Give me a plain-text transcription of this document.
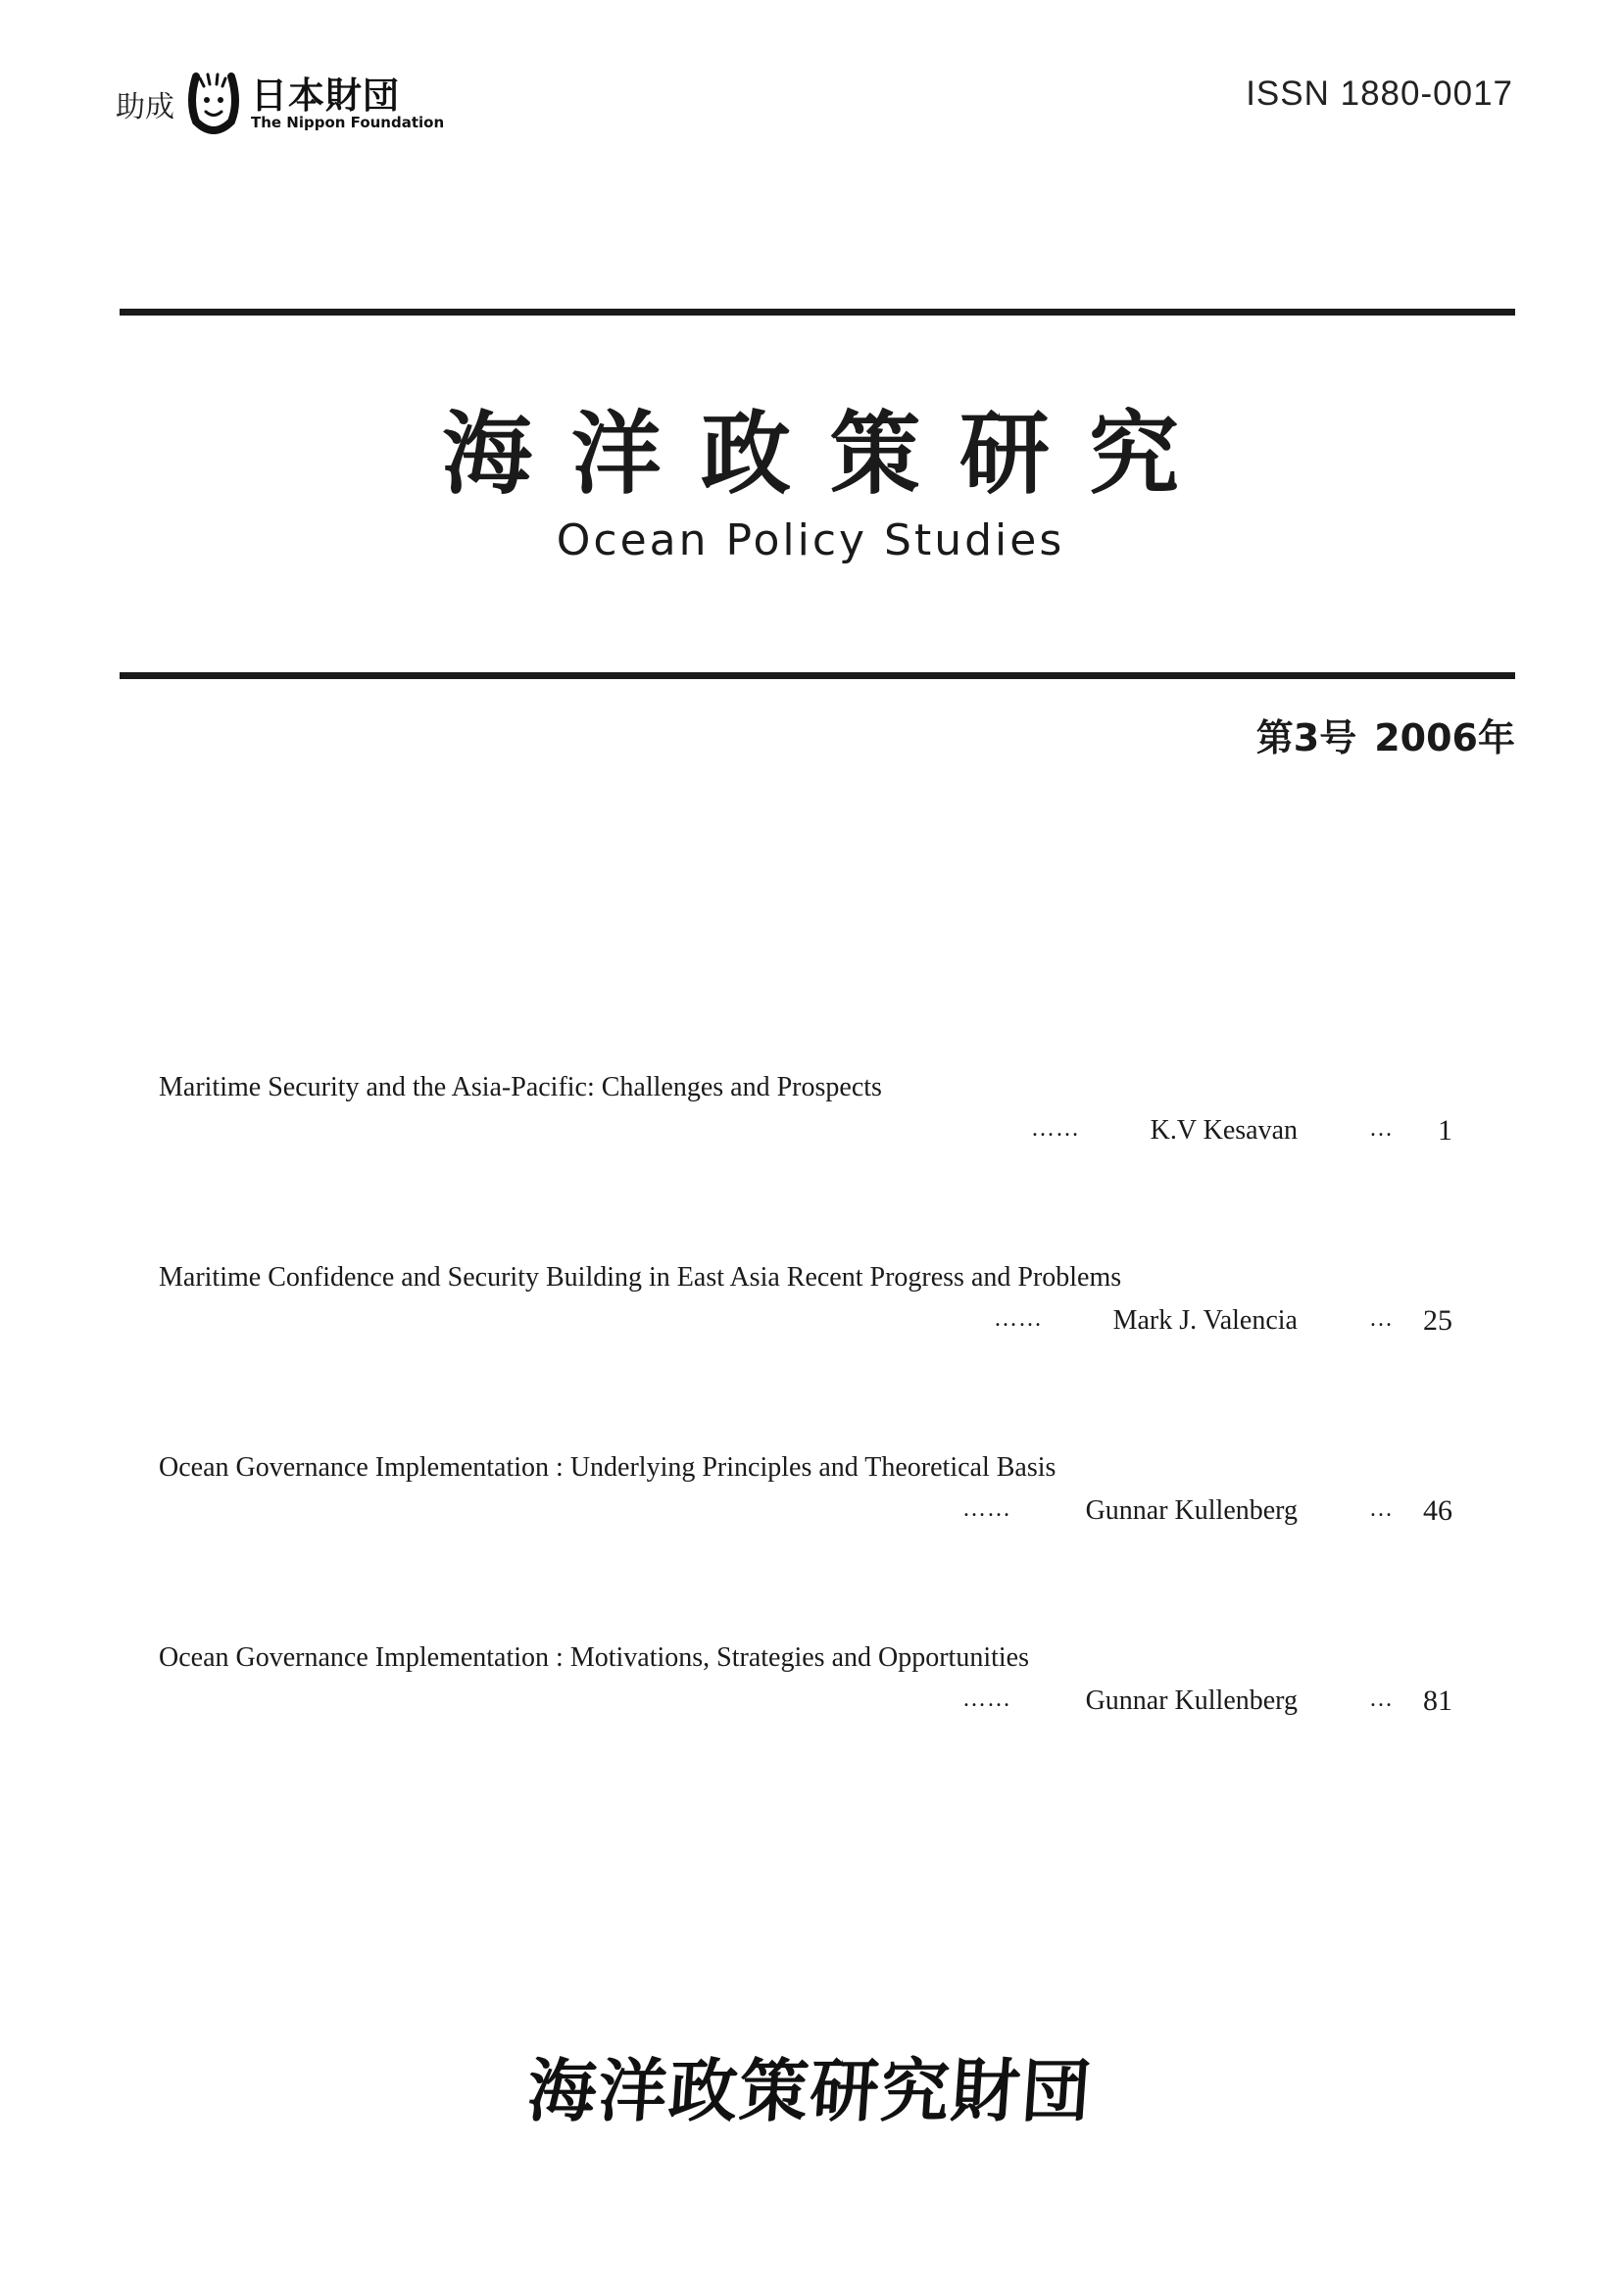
助成 日本財団
The Nippon Foundation
ISSN 1880-0017
海洋政策研究
Ocean Policy Studies
第3号 2006年
Maritime Security and the Asia-Pacific: Challenges and Prospects
……	K.V Kesavan	…	1
Maritime Confidence and Security Building in East Asia Recent Progress and Problems
……	Mark J. Valencia	…	25
Ocean Governance Implementation : Underlying Principles and Theoretical Basis
……	Gunnar Kullenberg	…	46
Ocean Governance Implementation : Motivations, Strategies and Opportunities
……	Gunnar Kullenberg	…	81
海洋政策研究財団
